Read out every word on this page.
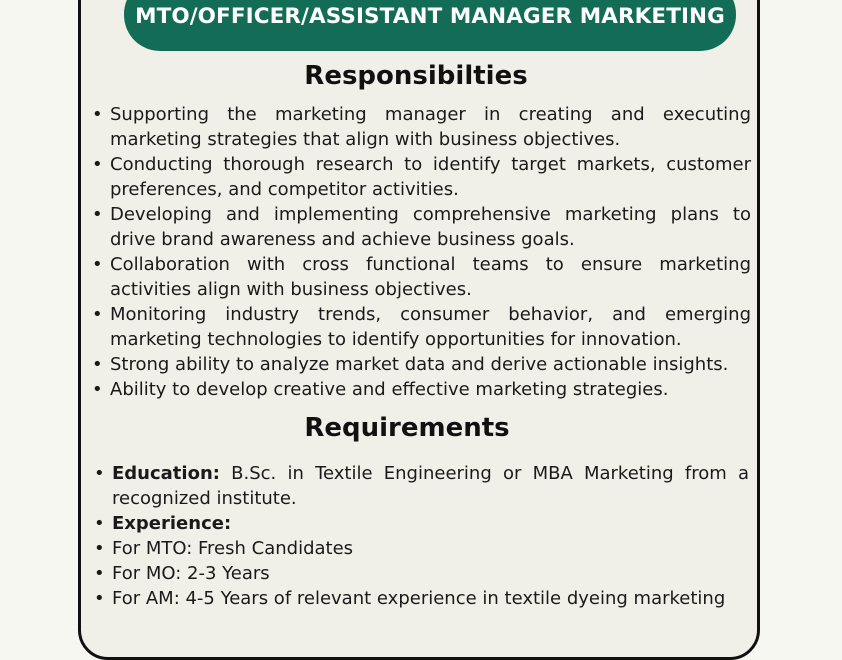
MTO/OFFICER/ASSISTANT MANAGER MARKETING
Responsibilties
• Supporting the marketing manager in creating and executing marketing strategies that align with business objectives.
• Conducting thorough research to identify target markets, customer preferences, and competitor activities.
• Developing and implementing comprehensive marketing plans to drive brand awareness and achieve business goals.
• Collaboration with cross functional teams to ensure marketing activities align with business objectives.
• Monitoring industry trends, consumer behavior, and emerging marketing technologies to identify opportunities for innovation.
• Strong ability to analyze market data and derive actionable insights.
• Ability to develop creative and effective marketing strategies.
Requirements
• Education: B.Sc. in Textile Engineering or MBA Marketing from a recognized institute.
• Experience:
• For MTO: Fresh Candidates
• For MO: 2-3 Years
• For AM: 4-5 Years of relevant experience in textile dyeing marketing
